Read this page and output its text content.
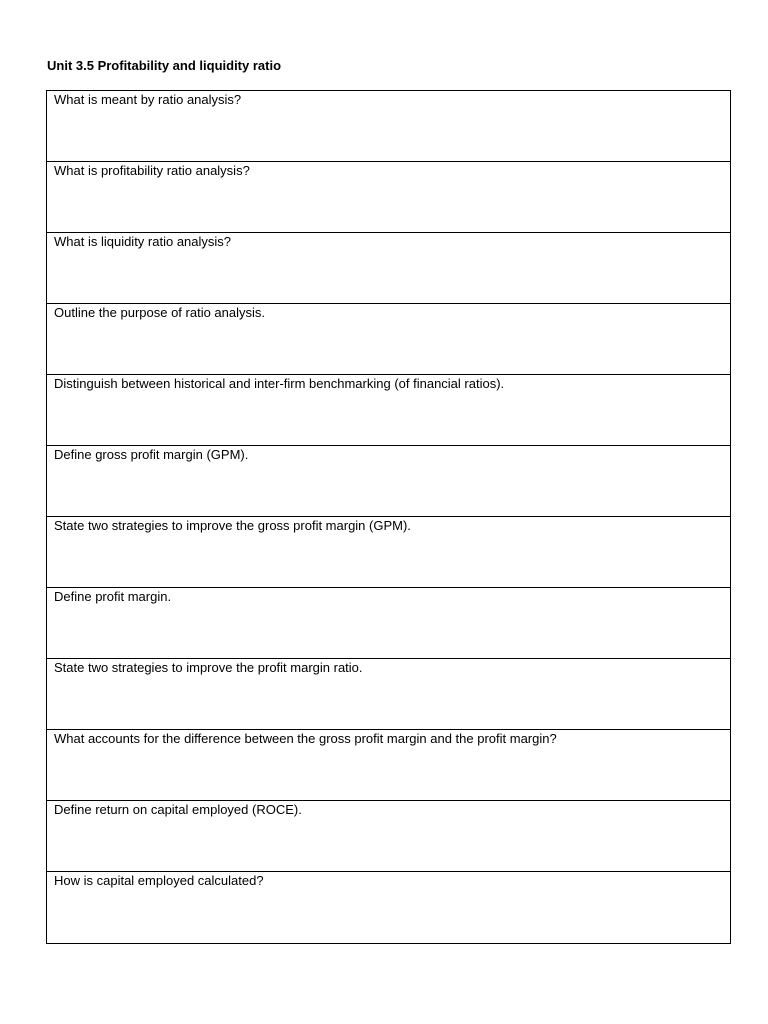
Unit 3.5 Profitability and liquidity ratio
What is meant by ratio analysis?
What is profitability ratio analysis?
What is liquidity ratio analysis?
Outline the purpose of ratio analysis.
Distinguish between historical and inter-firm benchmarking (of financial ratios).
Define gross profit margin (GPM).
State two strategies to improve the gross profit margin (GPM).
Define profit margin.
State two strategies to improve the profit margin ratio.
What accounts for the difference between the gross profit margin and the profit margin?
Define return on capital employed (ROCE).
How is capital employed calculated?
